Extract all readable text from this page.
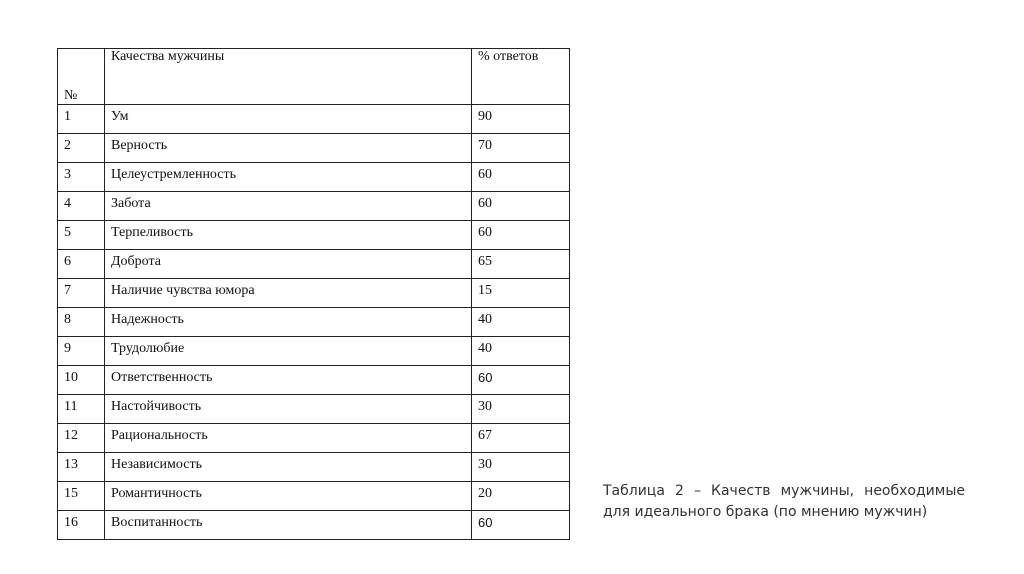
№	Качества мужчины	% ответов
1	Ум	90
2	Верность	70
3	Целеустремленность	60
4	Забота	60
5	Терпеливость	60
6	Доброта	65
7	Наличие чувства юмора	15
8	Надежность	40
9	Трудолюбие	40
10	Ответственность	60
11	Настойчивость	30
12	Рациональность	67
13	Независимость	30
15	Романтичность	20
16	Воспитанность	60

Таблица 2 – Качеств мужчины, необходимые для идеального брака (по мнению мужчин)
